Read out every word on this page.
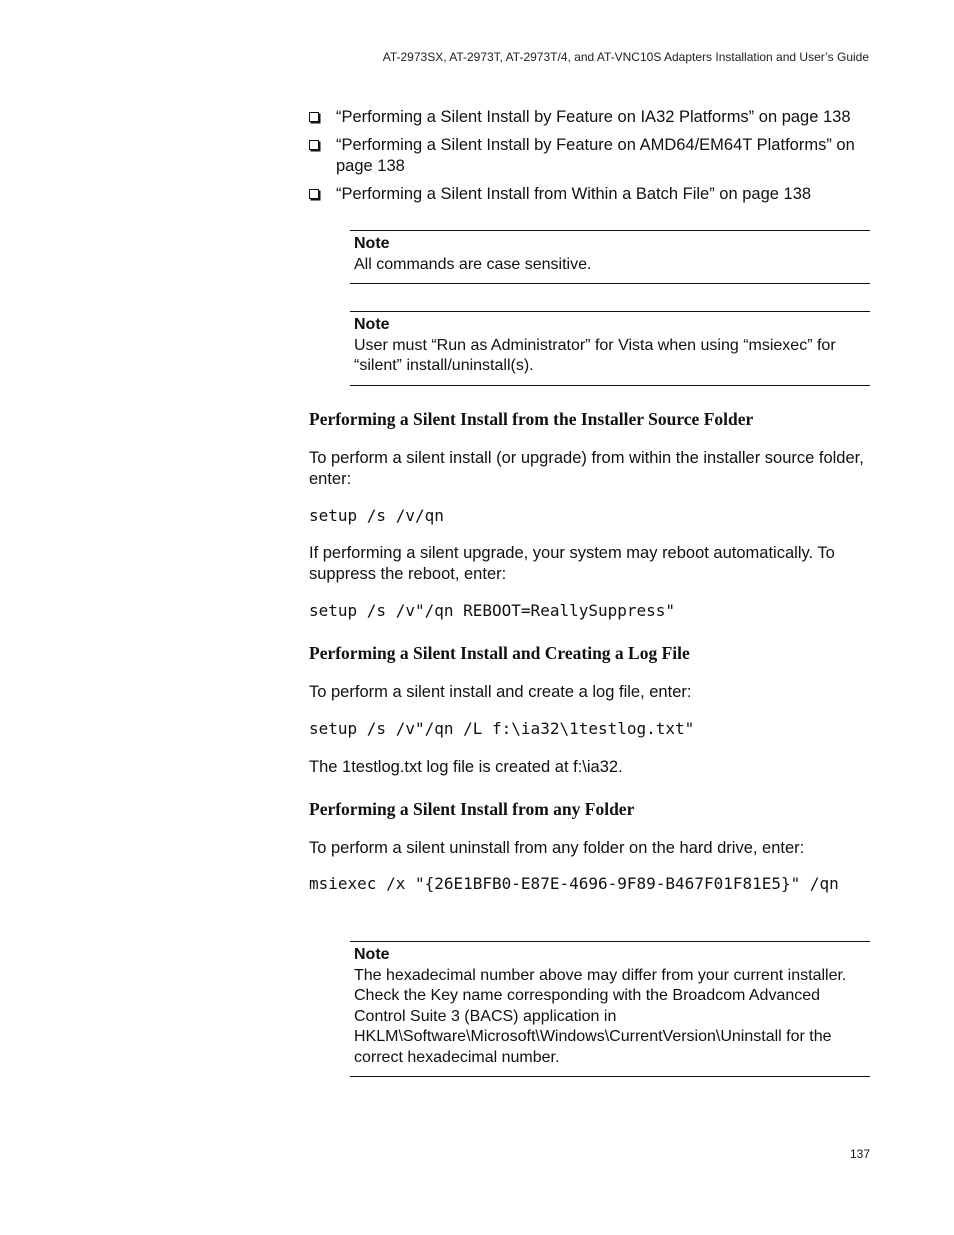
AT-2973SX, AT-2973T, AT-2973T/4, and AT-VNC10S Adapters Installation and User’s Guide
“Performing a Silent Install by Feature on IA32 Platforms” on page 138
“Performing a Silent Install by Feature on AMD64/EM64T Platforms” on page 138
“Performing a Silent Install from Within a Batch File” on page 138
Note
All commands are case sensitive.
Note
User must “Run as Administrator” for Vista when using “msiexec” for “silent” install/uninstall(s).
Performing a Silent Install from the Installer Source Folder
To perform a silent install (or upgrade) from within the installer source folder, enter:
setup /s /v/qn
If performing a silent upgrade, your system may reboot automatically. To suppress the reboot, enter:
setup /s /v"/qn REBOOT=ReallySuppress"
Performing a Silent Install and Creating a Log File
To perform a silent install and create a log file, enter:
setup /s /v"/qn /L f:\ia32\1testlog.txt"
The 1testlog.txt log file is created at f:\ia32.
Performing a Silent Install from any Folder
To perform a silent uninstall from any folder on the hard drive, enter:
msiexec /x "{26E1BFB0-E87E-4696-9F89-B467F01F81E5}" /qn
Note
The hexadecimal number above may differ from your current installer. Check the Key name corresponding with the Broadcom Advanced Control Suite 3 (BACS) application in HKLM\Software\Microsoft\Windows\CurrentVersion\Uninstall for the correct hexadecimal number.
137
